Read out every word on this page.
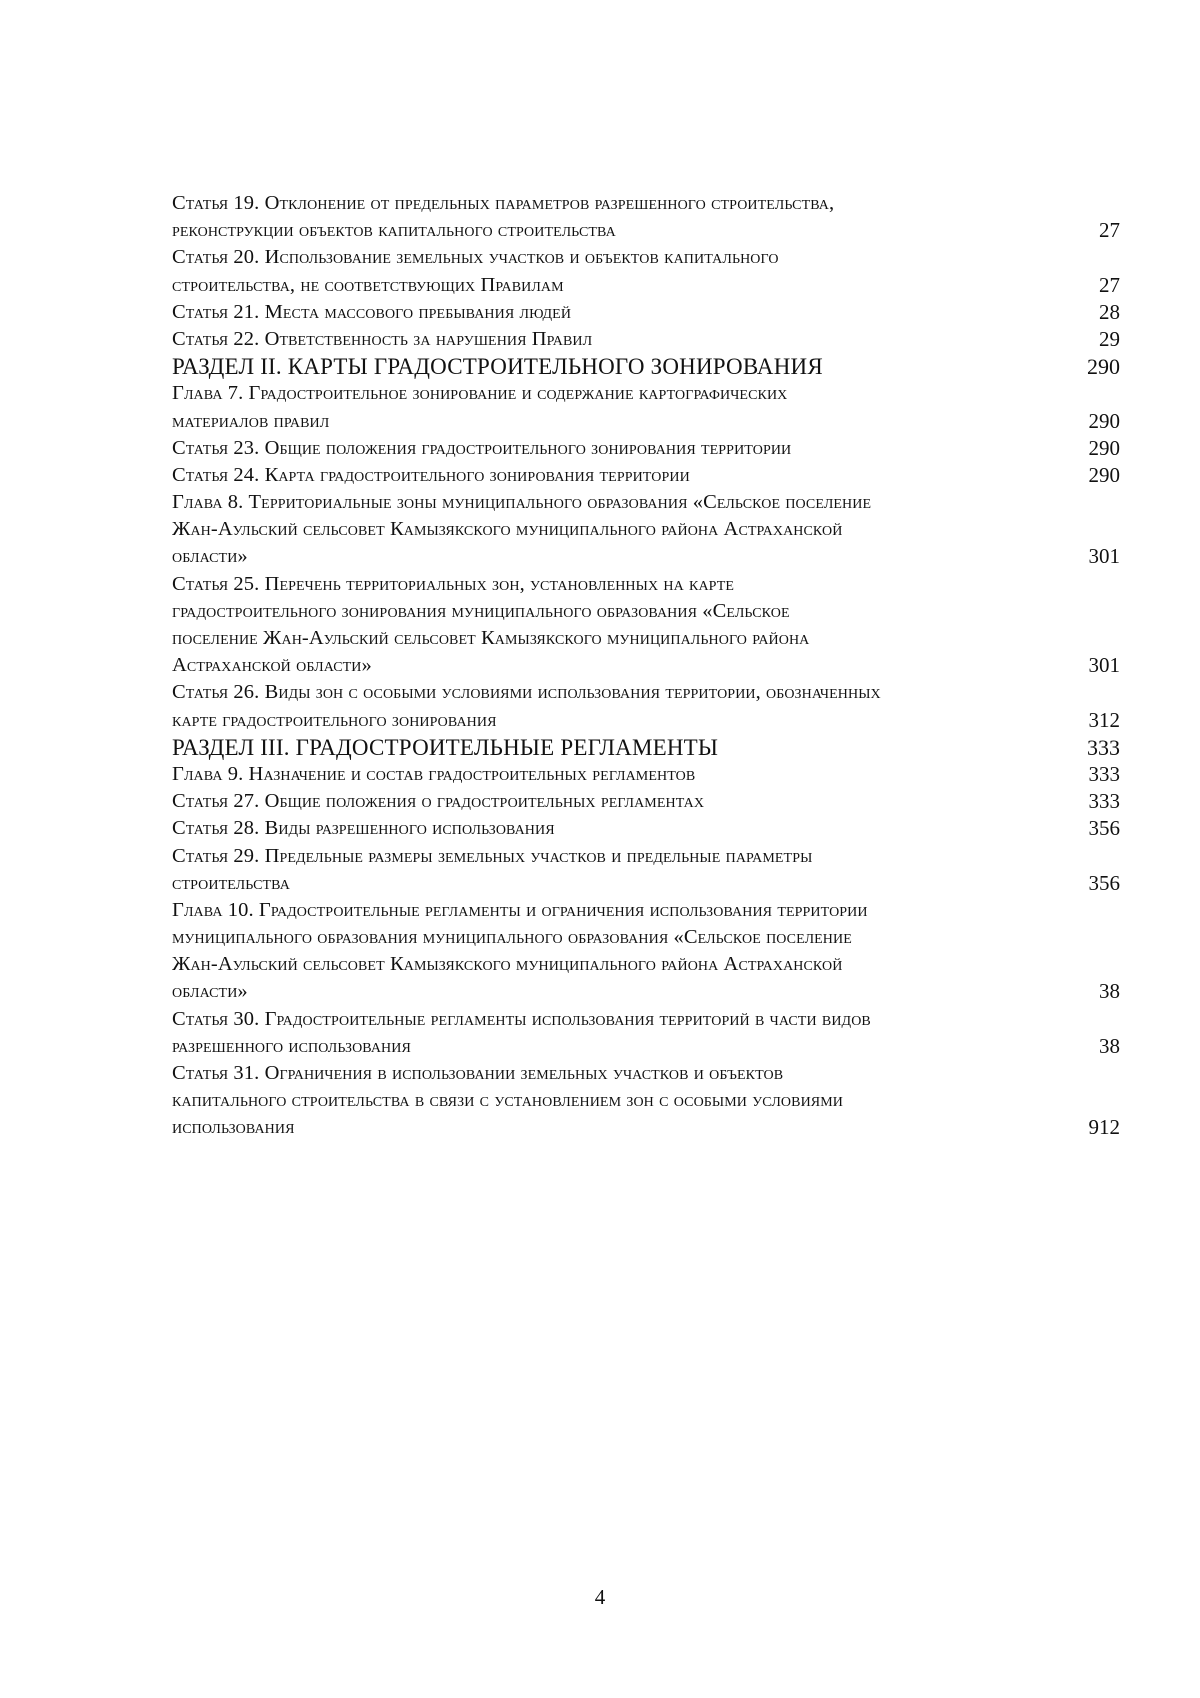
Статья 19. Отклонение от предельных параметров разрешенного строительства,
реконструкции объектов капитального строительства	27
Статья 20. Использование земельных участков и объектов капитального
строительства, не соответствующих Правилам	27
Статья 21. Места массового пребывания людей	28
Статья 22. Ответственность за нарушения Правил	29
РАЗДЕЛ II. КАРТЫ ГРАДОСТРОИТЕЛЬНОГО ЗОНИРОВАНИЯ	290
Глава 7. Градостроительное зонирование и содержание картографических
материалов правил	290
Статья 23. Общие положения градостроительного зонирования территории	290
Статья 24. Карта градостроительного зонирования территории	290
Глава 8. Территориальные зоны муниципального образования «Сельское поселение
Жан-Аульский сельсовет Камызякского муниципального района Астраханской
области»	301
Статья 25. Перечень территориальных зон, установленных на карте
градостроительного зонирования муниципального образования «Сельское
поселение Жан-Аульский сельсовет Камызякского муниципального района
Астраханской области»	301
Статья 26. Виды зон с особыми условиями использования территории, обозначенных
карте градостроительного зонирования	312
РАЗДЕЛ III. ГРАДОСТРОИТЕЛЬНЫЕ РЕГЛАМЕНТЫ	333
Глава 9. Назначение и состав градостроительных регламентов	333
Статья 27. Общие положения о градостроительных регламентах	333
Статья 28. Виды разрешенного использования	356
Статья 29. Предельные размеры земельных участков и предельные параметры
строительства	356
Глава 10. Градостроительные регламенты и ограничения использования территории
муниципального образования муниципального образования «Сельское поселение
Жан-Аульский сельсовет Камызякского муниципального района Астраханской
области»	38
Статья 30. Градостроительные регламенты использования территорий в части видов
разрешенного использования	38
Статья 31. Ограничения в использовании земельных участков и объектов
капитального строительства в связи с установлением зон с особыми условиями
использования	912
4
